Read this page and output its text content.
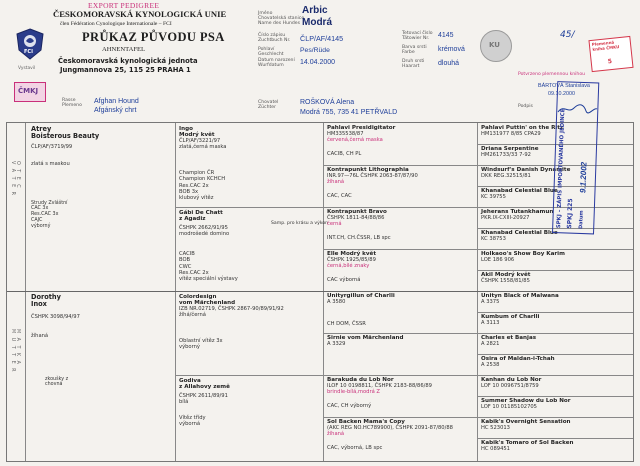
EXPORT PEDIGREE
ČESKOMORAVSKÁ KYNOLOGICKÁ UNIE
člen Fédération Cynologique Internationale – FCI
PRŮKAZ PŮVODU PSA
AHNENTAFEL
Českomoravská kynologická jednota
Jungmannova 25, 115 25 PRAHA 1
FCI
Vystavil
ČMKJ
Rasse
Plemeno
Afghan Hound
Afgánský chrt
Jméno
Chovatelská stanice
Name des Hundes
Číslo zápisu
Zuchtbuch Nr.
Pohlaví
Geschlecht
Datum narození
Wurfdatum
Chovatel
Züchter
Arbic
Modrá
ČLP/AF/4145
Pes/Rüde
14.04.2000
ROŠKOVÁ Alena
Modrá 755, 735 41 PETŘVALD
Tetovací číslo
Tätowier Nr.
Barva srsti
Farbe
Druh srsti
Haarart
4145
krémová
dlouhá
KU	Plemenná kniha ČMKU
5
45/
Potvrzeno plemennou knihou
BÁRTOVÁ Stanislava
09.10.2000
Podpis
O T E C
V A T E R
M A T K A
M U T T E R
Atrey
Boisterous Beauty
ČLP/AF/3719/99
zlatá s maskou
Strudy Zvláštní
CAC 3x
Res.CAC 3x
CAJC
výborný
Dorothy
Inox
ČSHPK 3098/94/97
žíhaná
zkoušky z
chovná
Ingo
Modrý květ
ČLP/AF/3221/97
zlatá,černá maska
Champion ČR
Champion KCHCH
Res.CAC 2x
BOB 3x
klubový vítěz
Gábi De Chatt
z Agadiz
ČSHPK 2662/91/95
modrošedé domino
CACIB
BOB
CWC
Res.CAC 2x
vítěz speciální výstavy
Colordesign
vom Märchenland
IZB NR.02719, ČSHPK 2867-90/89/91/92
žíhá/černá
Oblastní vítěz 3x
výborný
Godiva
z Allahovy země
ČSHPK 2611/89/91
bílá
Vítěz třídy
výborná
Samp. pro krásu a výkon
Pahlavi Presidigitator
HM335538/87
červená,černá maska
CACIB, CH PL
Kontrapunkt Lithographia
INR.97—76L ČSHPK 2063-87/87/90
žíhaná
CAC, CAC
Kontrapunkt Bravo
ČSHPK 1811-84/88/86
černá
INT.CH, CH.ČSSR, LB spc
Elle Modrý květ
ČSHPK 1925/85/89
černá,bílé znaky
CAC výborná
Unityrgillun of Charlli
A 3580
CH DOM, ČSSR
Sirnie vom Märchenland
A 3329
Barakuda du Lob Nor
ILOF 10 0198811, ČSHPK 2183-88/86/89
brindle-bílá,modrá Z
CAC, CH výborný
Sol Backen Mama's Copy
(AKC REG NO.HC789900), ČSHPK 2091-87/80/88
žíhaná
CAC, výborná, LB spc
Pahlavi Puttin' on the Ritz
HM131977 8/85 CPA29
Driana Serpentine
HM261733/33 7-92
Windsurf's Danish Dynamite
DKK REG.32515/81
Khanabad Celestial Blue
KC 39755
Jeherans Tutankhamun
PKR.IX-CXIII-20927
Khanabad Celestial Blue
KC 38753
Holkaoo's Show Boy Karim
LOE 186 906
Akil Modrý květ
ČSHPK 1558/81/85
Unityn Black of Malwana
A 3375
Kumbum of Charlli
A 3113
Charles et Banjas
A 2821
Osira of Maldan-i-Tchah
A 2538
Kanhan du Lob Nor
LOF 10 0096751/8759
Summer Shadow du Lob Nor
LOF 10 01185102705
Kabik's Overnight Sensation
HC 523013
Kabik's Tomaro of Sol Backen
HC 089451
SPKJ – ZÁPIS IMPORTOVANÉHO JEDINCE SPKJ 225 Datum
9.1.2002
